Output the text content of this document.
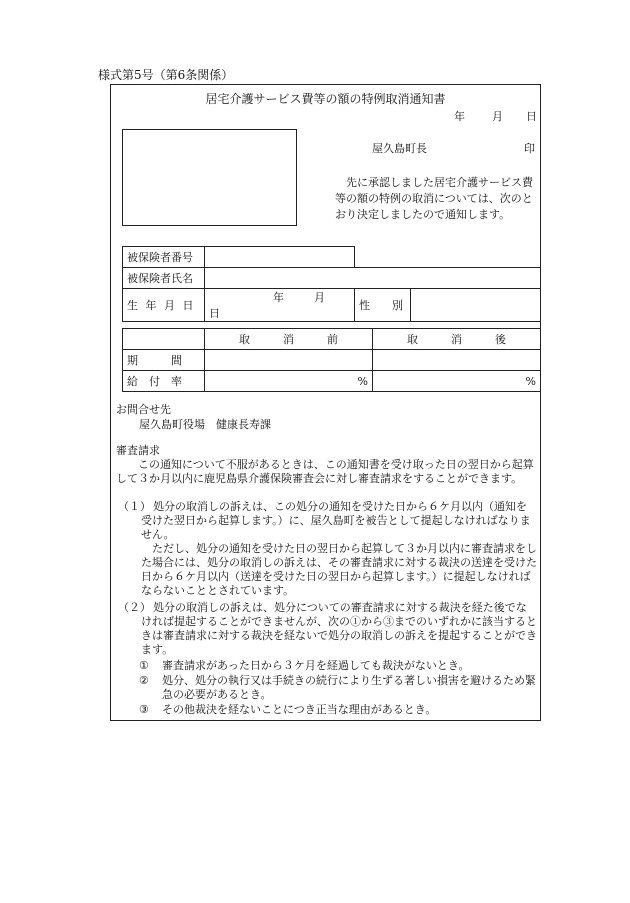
様式第5号（第6条関係）
居宅介護サービス費等の額の特例取消通知書
年 月 日
屋久島町長	印
先に承認しました居宅介護サービス費等の額の特例の取消については、次のとおり決定しましたので通知します。
被保険者番号	
被保険者氏名	
生 年 月 日	年	月日	性　　別	
	取　　　消　　　前	取　　　消　　　後
期　　　間		
給　付　率	%	%
お問合せ先
屋久島町役場　健康長寿課
審査請求
この通知について不服があるときは、この通知書を受け取った日の翌日から起算して３か月以内に鹿児島県介護保険審査会に対し審査請求をすることができます。
（１） 処分の取消しの訴えは、この処分の通知を受けた日から６ケ月以内（通知を受けた翌日から起算します。）に、屋久島町を被告として提起しなければなりません。
ただし、処分の通知を受けた日の翌日から起算して３か月以内に審査請求をした場合には、処分の取消しの訴えは、その審査請求に対する裁決の送達を受けた日から６ケ月以内（送達を受けた日の翌日から起算します。）に提起しなければならないこととされています。
（２） 処分の取消しの訴えは、処分についての審査請求に対する裁決を経た後でなければ提起することができませんが、次の①から③までのいずれかに該当するときは審査請求に対する裁決を経ないで処分の取消しの訴えを提起することができます。
① 審査請求があった日から３ケ月を経過しても裁決がないとき。
② 処分、処分の執行又は手続きの続行により生ずる著しい損害を避けるため緊急の必要があるとき。
③ その他裁決を経ないことにつき正当な理由があるとき。
